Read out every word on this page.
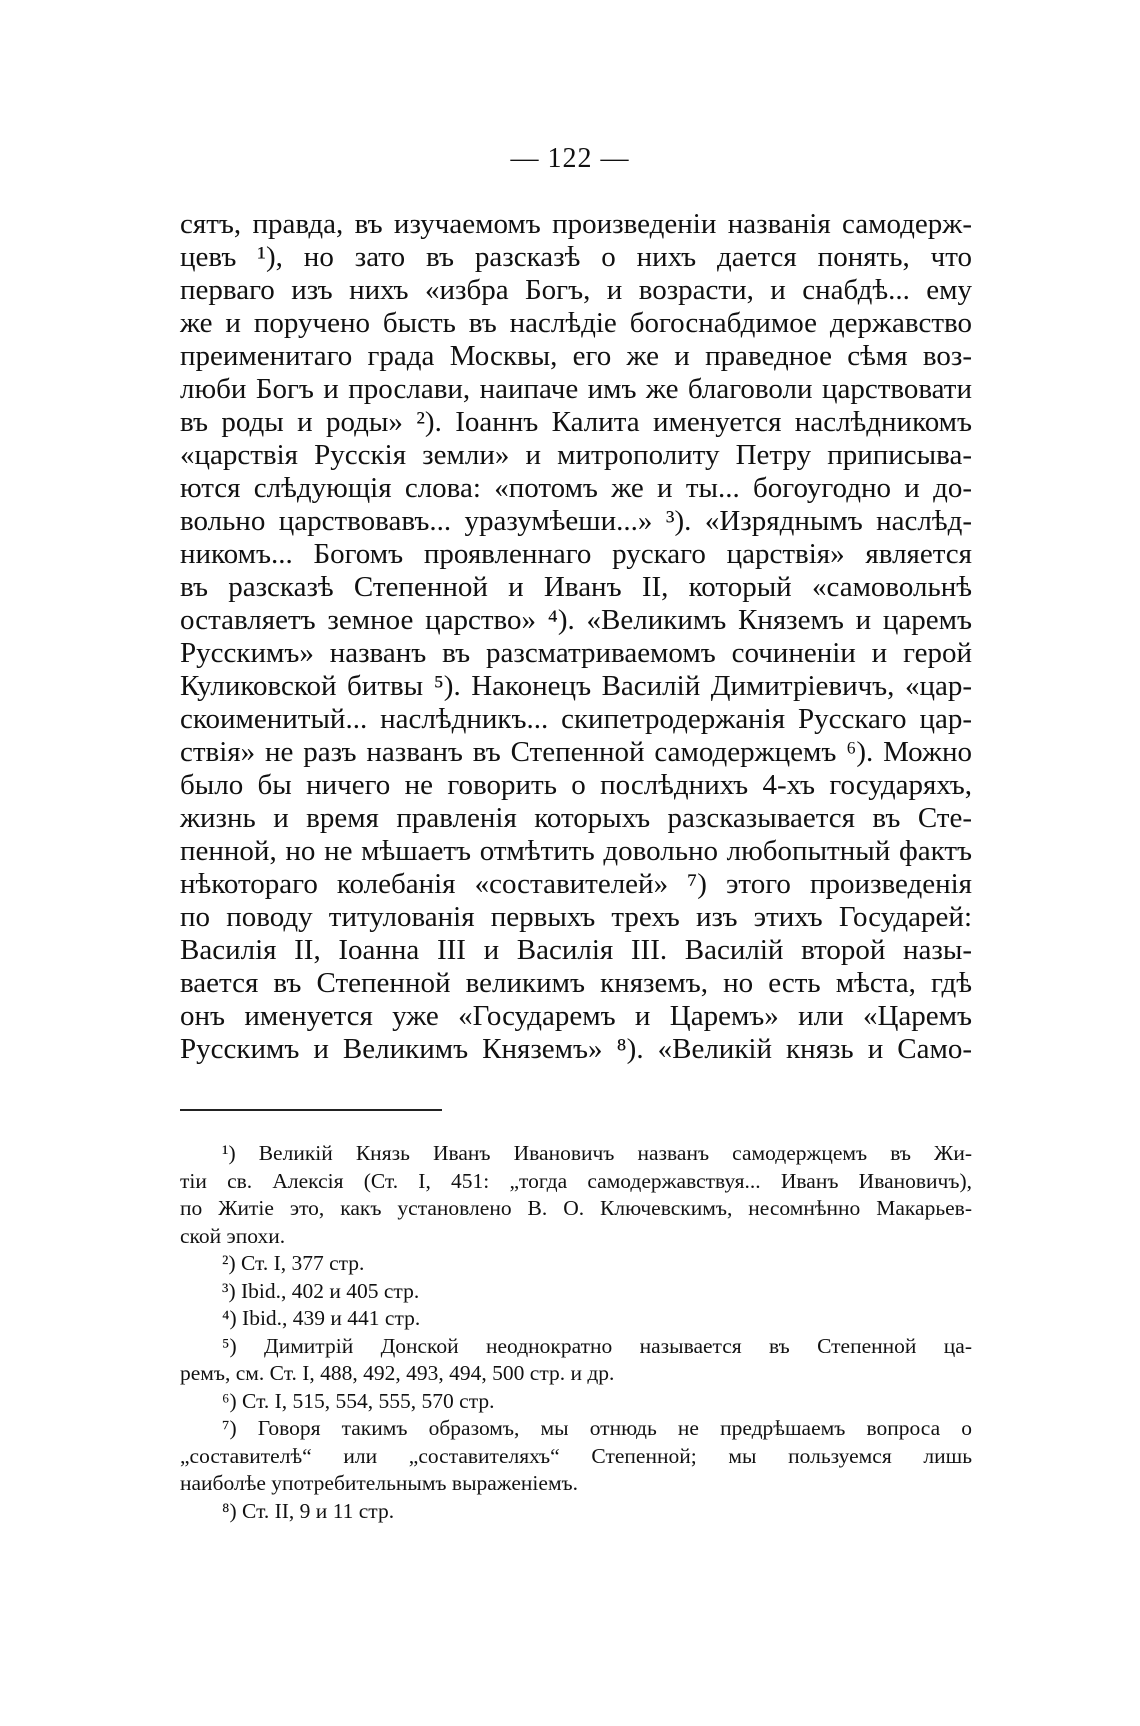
— 122 —
сятъ, правда, въ изучаемомъ произведенiи названiя самодерж-
цевъ ¹), но зато въ разсказѣ о нихъ дается понять, что
перваго изъ нихъ «избра Богъ, и возрасти, и снабдѣ... ему
же и поручено бысть въ наслѣдiе богоснабдимое державство
преименитаго града Москвы, его же и праведное сѣмя воз-
люби Богъ и прослави, наипаче имъ же благоволи царствовати
въ роды и роды» ²). Iоаннъ Калита именуется наслѣдникомъ
«царствiя Русскiя земли» и митрополиту Петру приписыва-
ются слѣдующiя слова: «потомъ же и ты... богоугодно и до-
вольно царствовавъ... уразумѣеши...» ³). «Изряднымъ наслѣд-
никомъ... Богомъ проявленнаго рускаго царствiя» является
въ разсказѣ Степенной и Иванъ II, который «самовольнѣ
оставляетъ земное царство» ⁴). «Великимъ Княземъ и царемъ
Русскимъ» названъ въ разсматриваемомъ сочиненiи и герой
Куликовской битвы ⁵). Наконецъ Василiй Димитрiевичъ, «цар-
скоименитый... наслѣдникъ... скипетродержанiя Русскаго цар-
ствiя» не разъ названъ въ Степенной самодержцемъ ⁶). Можно
было бы ничего не говорить о послѣднихъ 4-хъ государяхъ,
жизнь и время правленiя которыхъ разсказывается въ Сте-
пенной, но не мѣшаетъ отмѣтить довольно любопытный фактъ
нѣкотораго колебанiя «составителей» ⁷) этого произведенiя
по поводу титулованiя первыхъ трехъ изъ этихъ Государей:
Василiя II, Iоанна III и Василiя III. Василiй второй назы-
вается въ Степенной великимъ княземъ, но есть мѣста, гдѣ
онъ именуется уже «Государемъ и Царемъ» или «Царемъ
Русскимъ и Великимъ Княземъ» ⁸). «Великiй князь и Само-
¹) Великiй Князь Иванъ Ивановичъ названъ самодержцемъ въ Жи-
тiи св. Алексiя (Ст. I, 451: „тогда самодержавствуя... Иванъ Ивановичъ),
по Житiе это, какъ установлено В. О. Ключевскимъ, несомнѣнно Макарьев-
ской эпохи.
²) Ст. I, 377 стр.
³) Ibid., 402 и 405 стр.
⁴) Ibid., 439 и 441 стр.
⁵) Димитрiй Донской неоднократно называется въ Степенной ца-
ремъ, см. Ст. I, 488, 492, 493, 494, 500 стр. и др.
⁶) Ст. I, 515, 554, 555, 570 стр.
⁷) Говоря такимъ образомъ, мы отнюдь не предрѣшаемъ вопроса о
„составителѣ“ или „составителяхъ“ Степенной; мы пользуемся лишь
наиболѣе употребительнымъ выраженiемъ.
⁸) Ст. II, 9 и 11 стр.
